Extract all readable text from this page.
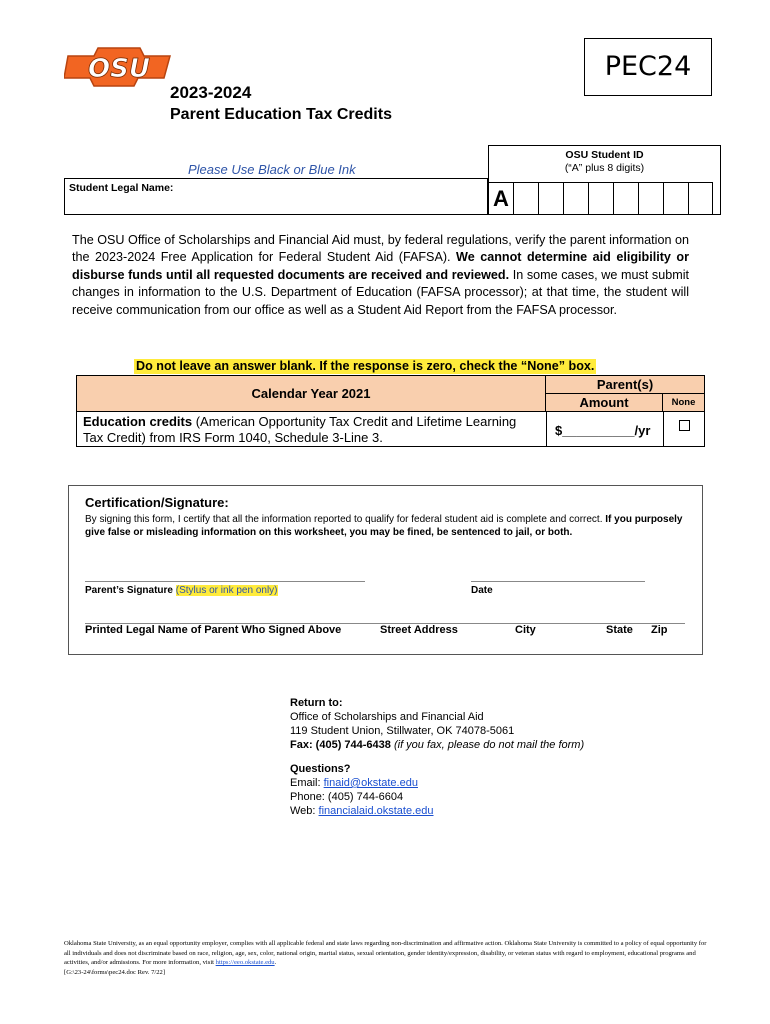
OSU	PEC24
2023-2024
Parent Education Tax Credits
Please Use Black or Blue Ink
OSU Student ID
(“A” plus 8 digits)
A
Student Legal Name:
The OSU Office of Scholarships and Financial Aid must, by federal regulations, verify the parent information on the 2023-2024 Free Application for Federal Student Aid (FAFSA). We cannot determine aid eligibility or disburse funds until all requested documents are received and reviewed. In some cases, we must submit changes in information to the U.S. Department of Education (FAFSA processor); at that time, the student will receive communication from our office as well as a Student Aid Report from the FAFSA processor.
Do not leave an answer blank. If the response is zero, check the “None” box.
Calendar Year 2021
Parent(s)
Amount	None
Education credits (American Opportunity Tax Credit and Lifetime Learning Tax Credit) from IRS Form 1040, Schedule 3-Line 3.	$__________/yr
Certification/Signature:
By signing this form, I certify that all the information reported to qualify for federal student aid is complete and correct. If you purposely give false or misleading information on this worksheet, you may be fined, be sentenced to jail, or both.
Parent’s Signature (Stylus or ink pen only)	Date
Printed Legal Name of Parent Who Signed Above	Street Address	City	State Zip
Return to:
Office of Scholarships and Financial Aid
119 Student Union, Stillwater, OK 74078-5061
Fax: (405) 744-6438 (if you fax, please do not mail the form)

Questions?
Email: finaid@okstate.edu
Phone: (405) 744-6604
Web: financialaid.okstate.edu
Oklahoma State University, as an equal opportunity employer, complies with all applicable federal and state laws regarding non-discrimination and affirmative action. Oklahoma State University is committed to a policy of equal opportunity for all individuals and does not discriminate based on race, religion, age, sex, color, national origin, marital status, sexual orientation, gender identity/expression, disability, or veteran status with regard to employment, educational programs and activities, and/or admissions. For more information, visit https://eeo.okstate.edu.
[G:\23-24\forms\pec24.doc Rev. 7/22]
